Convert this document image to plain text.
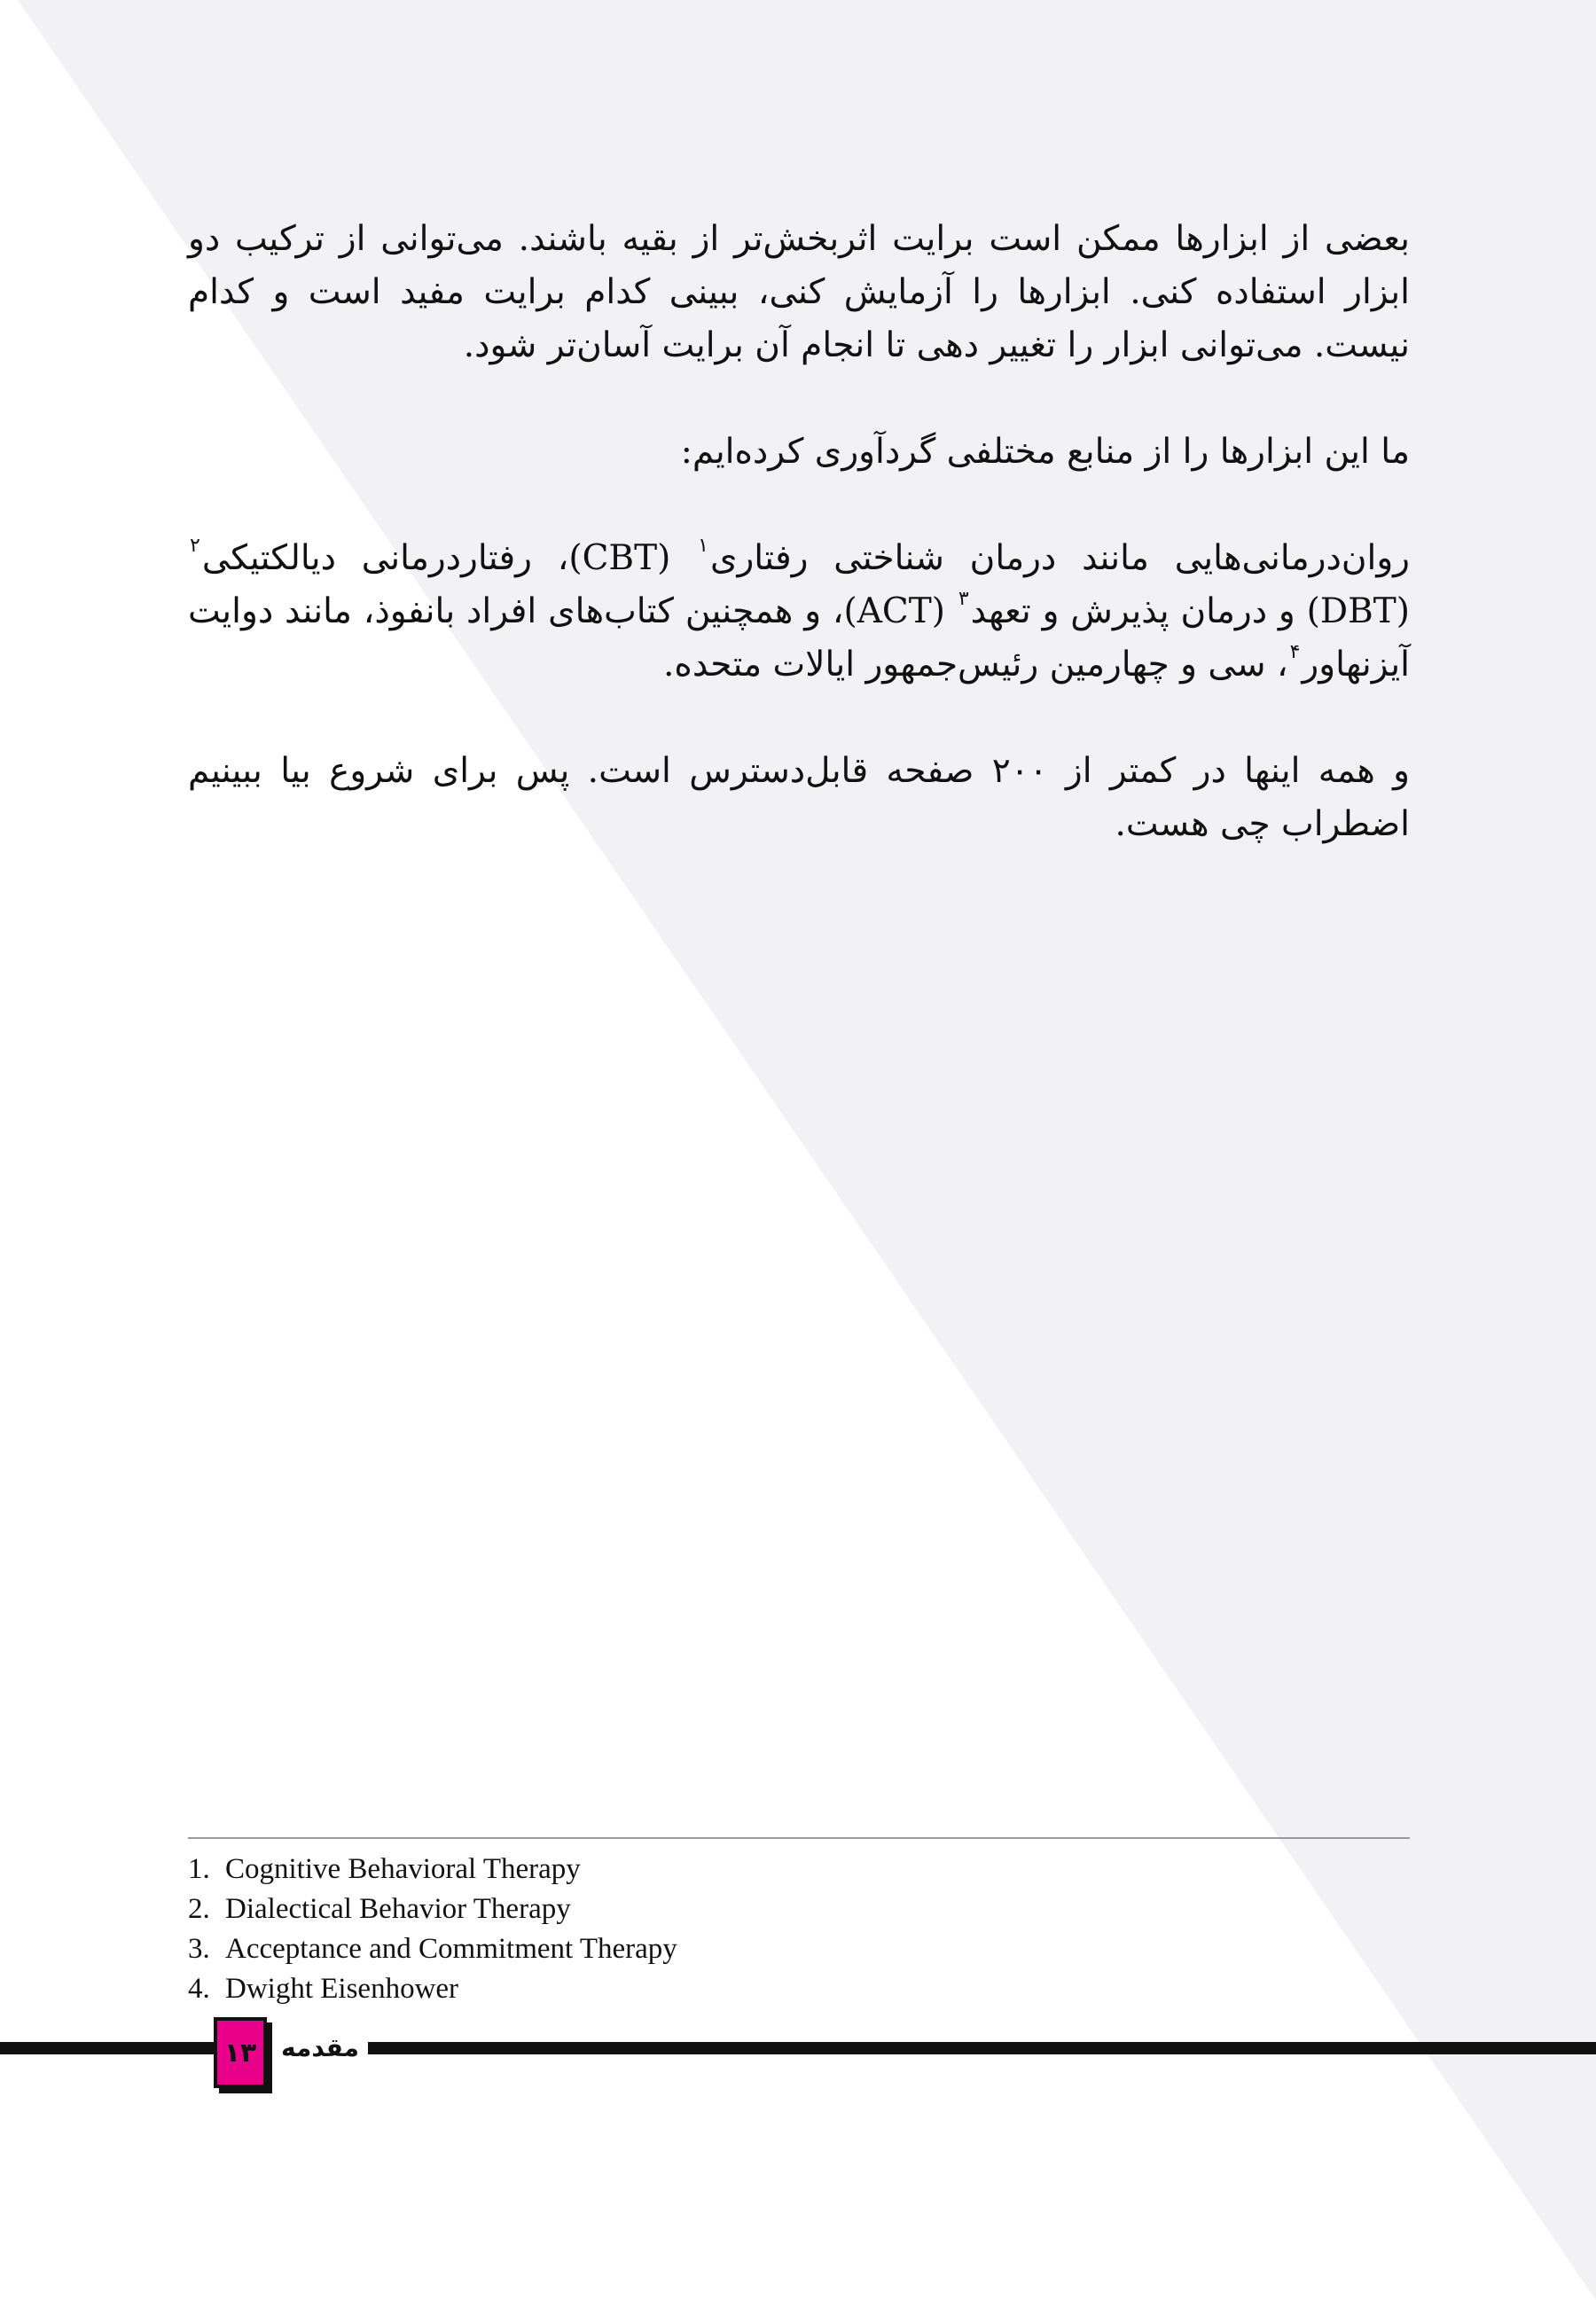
بعضی از ابزارها ممکن است برایت اثربخش‌تر از بقیه باشند. می‌توانی از ترکیب دو ابزار استفاده کنی. ابزارها را آزمایش کنی، ببینی کدام برایت مفید است و کدام نیست. می‌توانی ابزار را تغییر دهی تا انجام آن برایت آسان‌تر شود.

ما این ابزارها را از منابع مختلفی گردآوری کرده‌ایم:

روان‌درمانی‌هایی مانند درمان شناختی رفتاری$^۱$ (CBT)، رفتاردرمانی دیالکتیکی$^۲$ (DBT) و درمان پذیرش و تعهد$^۳$ (ACT)، و همچنین کتاب‌های افراد بانفوذ، مانند دوایت آیزنهاور$^۴$، سی و چهارمین رئیس‌جمهور ایالات متحده.

و همه اینها در کمتر از ۲۰۰ صفحه قابل‌دسترس است. پس برای شروع بیا ببینیم اضطراب چی هست.

1. Cognitive Behavioral Therapy
2. Dialectical Behavior Therapy
3. Acceptance and Commitment Therapy
4. Dwight Eisenhower
مقدمه
۱۳
